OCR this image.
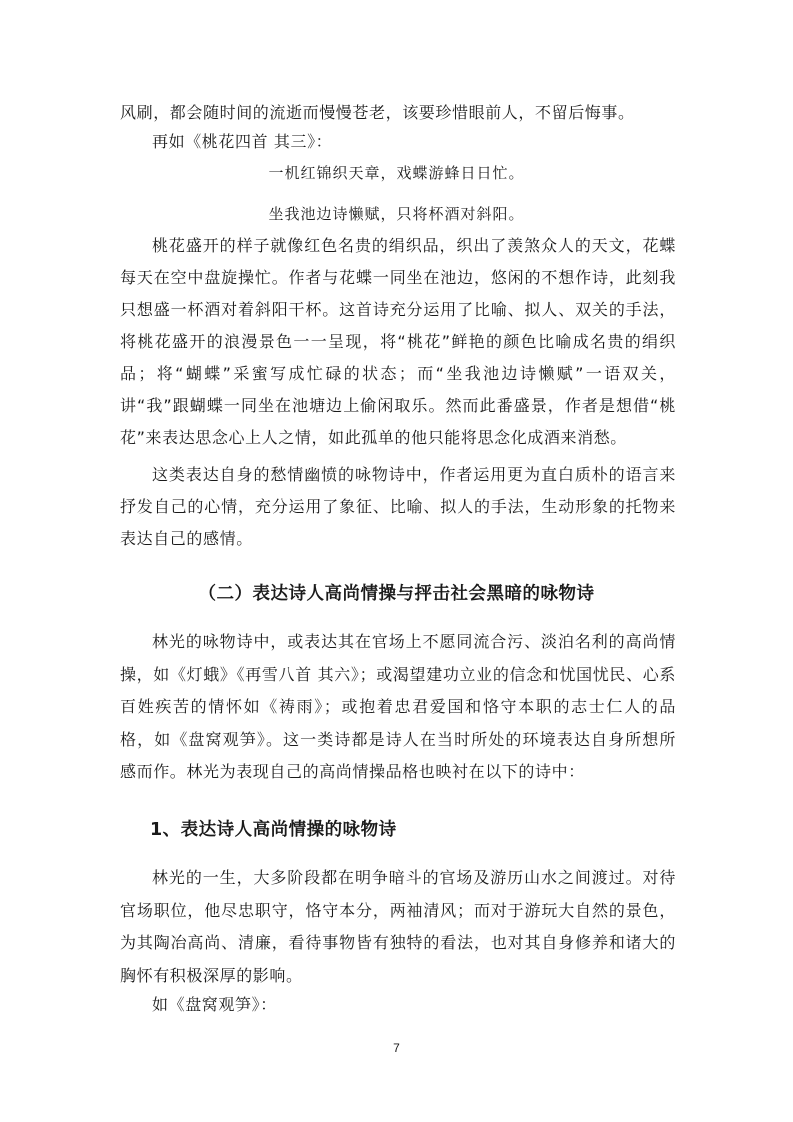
风刷，都会随时间的流逝而慢慢苍老，该要珍惜眼前人，不留后悔事。

再如《桃花四首 其三》：

一机红锦织天章，戏蝶游蜂日日忙。

坐我池边诗懒赋，只将杯酒对斜阳。

桃花盛开的样子就像红色名贵的绢织品，织出了羡煞众人的天文，花蝶每天在空中盘旋操忙。作者与花蝶一同坐在池边，悠闲的不想作诗，此刻我只想盛一杯酒对着斜阳干杯。这首诗充分运用了比喻、拟人、双关的手法，将桃花盛开的浪漫景色一一呈现，将“桃花”鲜艳的颜色比喻成名贵的绢织品；将“蝴蝶”采蜜写成忙碌的状态；而“坐我池边诗懒赋”一语双关，讲“我”跟蝴蝶一同坐在池塘边上偷闲取乐。然而此番盛景，作者是想借“桃花”来表达思念心上人之情，如此孤单的他只能将思念化成酒来消愁。

这类表达自身的愁情幽愤的咏物诗中，作者运用更为直白质朴的语言来抒发自己的心情，充分运用了象征、比喻、拟人的手法，生动形象的托物来表达自己的感情。

（二）表达诗人高尚情操与抨击社会黑暗的咏物诗

林光的咏物诗中，或表达其在官场上不愿同流合污、淡泊名利的高尚情操，如《灯蛾》《再雪八首 其六》；或渴望建功立业的信念和忧国忧民、心系百姓疾苦的情怀如《祷雨》；或抱着忠君爱国和恪守本职的志士仁人的品格，如《盘窝观笋》。这一类诗都是诗人在当时所处的环境表达自身所想所感而作。林光为表现自己的高尚情操品格也映衬在以下的诗中：

1、表达诗人高尚情操的咏物诗

林光的一生，大多阶段都在明争暗斗的官场及游历山水之间渡过。对待官场职位，他尽忠职守，恪守本分，两袖清风；而对于游玩大自然的景色，为其陶冶高尚、清廉，看待事物皆有独特的看法，也对其自身修养和诸大的胸怀有积极深厚的影响。

如《盘窝观笋》：

7
